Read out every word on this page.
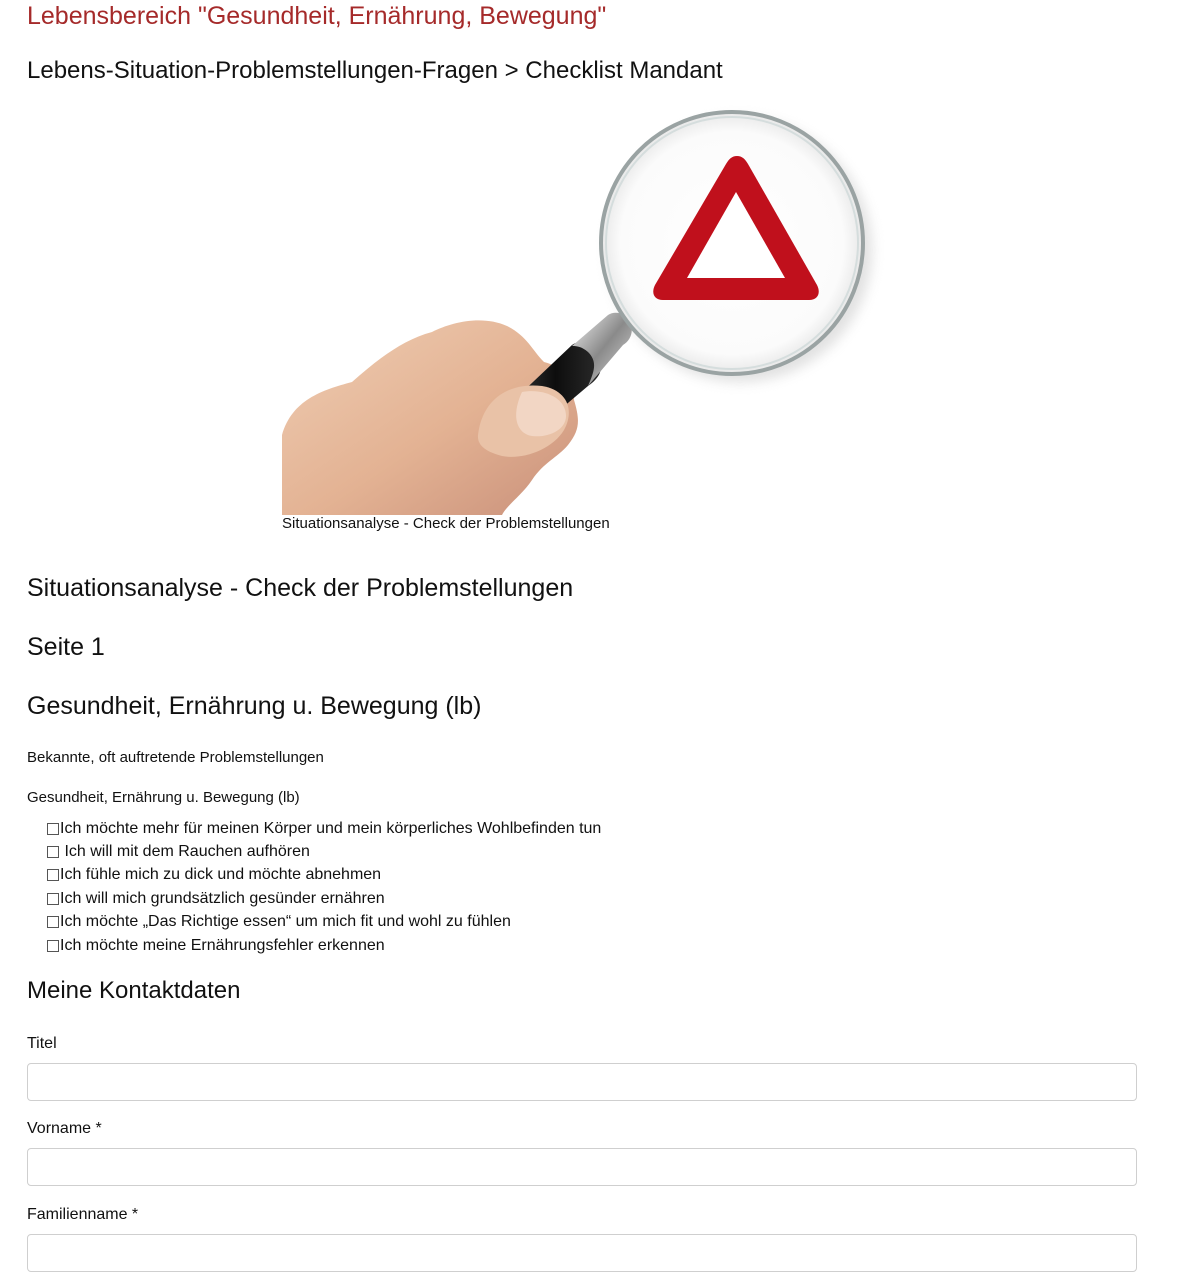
Lebensbereich "Gesundheit, Ernährung, Bewegung"
Lebens-Situation-Problemstellungen-Fragen > Checklist Mandant
Situationsanalyse - Check der Problemstellungen
Situationsanalyse - Check der Problemstellungen
Seite 1
Gesundheit, Ernährung u. Bewegung (lb)

Bekannte, oft auftretende Problemstellungen

Gesundheit, Ernährung u. Bewegung (lb)

Ich möchte mehr für meinen Körper und mein körperliches Wohlbefinden tun
Ich will mit dem Rauchen aufhören
Ich fühle mich zu dick und möchte abnehmen
Ich will mich grundsätzlich gesünder ernähren
Ich möchte „Das Richtige essen“ um mich fit und wohl zu fühlen
Ich möchte meine Ernährungsfehler erkennen
Meine Kontaktdaten
Titel
Vorname *
Familienname *
